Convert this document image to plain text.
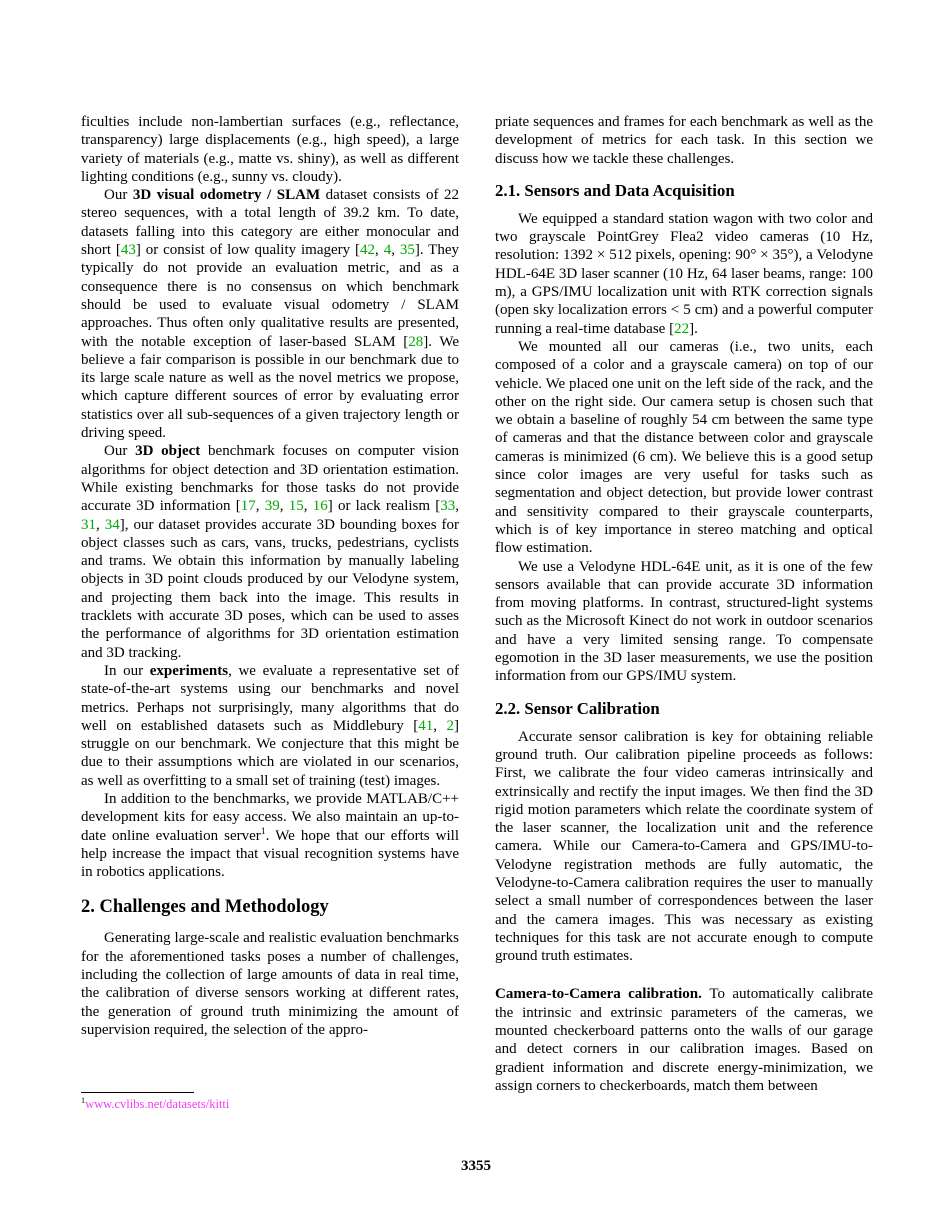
ficulties include non-lambertian surfaces (e.g., reflectance, transparency) large displacements (e.g., high speed), a large variety of materials (e.g., matte vs. shiny), as well as different lighting conditions (e.g., sunny vs. cloudy).

Our 3D visual odometry / SLAM dataset consists of 22 stereo sequences, with a total length of 39.2 km. To date, datasets falling into this category are either monocular and short [43] or consist of low quality imagery [42, 4, 35]. They typically do not provide an evaluation metric, and as a consequence there is no consensus on which benchmark should be used to evaluate visual odometry / SLAM approaches. Thus often only qualitative results are presented, with the notable exception of laser-based SLAM [28]. We believe a fair comparison is possible in our benchmark due to its large scale nature as well as the novel metrics we propose, which capture different sources of error by evaluating error statistics over all sub-sequences of a given trajectory length or driving speed.

Our 3D object benchmark focuses on computer vision algorithms for object detection and 3D orientation estimation. While existing benchmarks for those tasks do not provide accurate 3D information [17, 39, 15, 16] or lack realism [33, 31, 34], our dataset provides accurate 3D bounding boxes for object classes such as cars, vans, trucks, pedestrians, cyclists and trams. We obtain this information by manually labeling objects in 3D point clouds produced by our Velodyne system, and projecting them back into the image. This results in tracklets with accurate 3D poses, which can be used to asses the performance of algorithms for 3D orientation estimation and 3D tracking.

In our experiments, we evaluate a representative set of state-of-the-art systems using our benchmarks and novel metrics. Perhaps not surprisingly, many algorithms that do well on established datasets such as Middlebury [41, 2] struggle on our benchmark. We conjecture that this might be due to their assumptions which are violated in our scenarios, as well as overfitting to a small set of training (test) images.

In addition to the benchmarks, we provide MATLAB/C++ development kits for easy access. We also maintain an up-to-date online evaluation server$^1$. We hope that our efforts will help increase the impact that visual recognition systems have in robotics applications.

2. Challenges and Methodology

Generating large-scale and realistic evaluation benchmarks for the aforementioned tasks poses a number of challenges, including the collection of large amounts of data in real time, the calibration of diverse sensors working at different rates, the generation of ground truth minimizing the amount of supervision required, the selection of the appro-

priate sequences and frames for each benchmark as well as the development of metrics for each task. In this section we discuss how we tackle these challenges.

2.1. Sensors and Data Acquisition

We equipped a standard station wagon with two color and two grayscale PointGrey Flea2 video cameras (10 Hz, resolution: 1392 × 512 pixels, opening: 90° × 35°), a Velodyne HDL-64E 3D laser scanner (10 Hz, 64 laser beams, range: 100 m), a GPS/IMU localization unit with RTK correction signals (open sky localization errors < 5 cm) and a powerful computer running a real-time database [22].

We mounted all our cameras (i.e., two units, each composed of a color and a grayscale camera) on top of our vehicle. We placed one unit on the left side of the rack, and the other on the right side. Our camera setup is chosen such that we obtain a baseline of roughly 54 cm between the same type of cameras and that the distance between color and grayscale cameras is minimized (6 cm). We believe this is a good setup since color images are very useful for tasks such as segmentation and object detection, but provide lower contrast and sensitivity compared to their grayscale counterparts, which is of key importance in stereo matching and optical flow estimation.

We use a Velodyne HDL-64E unit, as it is one of the few sensors available that can provide accurate 3D information from moving platforms. In contrast, structured-light systems such as the Microsoft Kinect do not work in outdoor scenarios and have a very limited sensing range. To compensate egomotion in the 3D laser measurements, we use the position information from our GPS/IMU system.

2.2. Sensor Calibration

Accurate sensor calibration is key for obtaining reliable ground truth. Our calibration pipeline proceeds as follows: First, we calibrate the four video cameras intrinsically and extrinsically and rectify the input images. We then find the 3D rigid motion parameters which relate the coordinate system of the laser scanner, the localization unit and the reference camera. While our Camera-to-Camera and GPS/IMU-to-Velodyne registration methods are fully automatic, the Velodyne-to-Camera calibration requires the user to manually select a small number of correspondences between the laser and the camera images. This was necessary as existing techniques for this task are not accurate enough to compute ground truth estimates.

Camera-to-Camera calibration. To automatically calibrate the intrinsic and extrinsic parameters of the cameras, we mounted checkerboard patterns onto the walls of our garage and detect corners in our calibration images. Based on gradient information and discrete energy-minimization, we assign corners to checkerboards, match them between

$^1$www.cvlibs.net/datasets/kitti
3355
